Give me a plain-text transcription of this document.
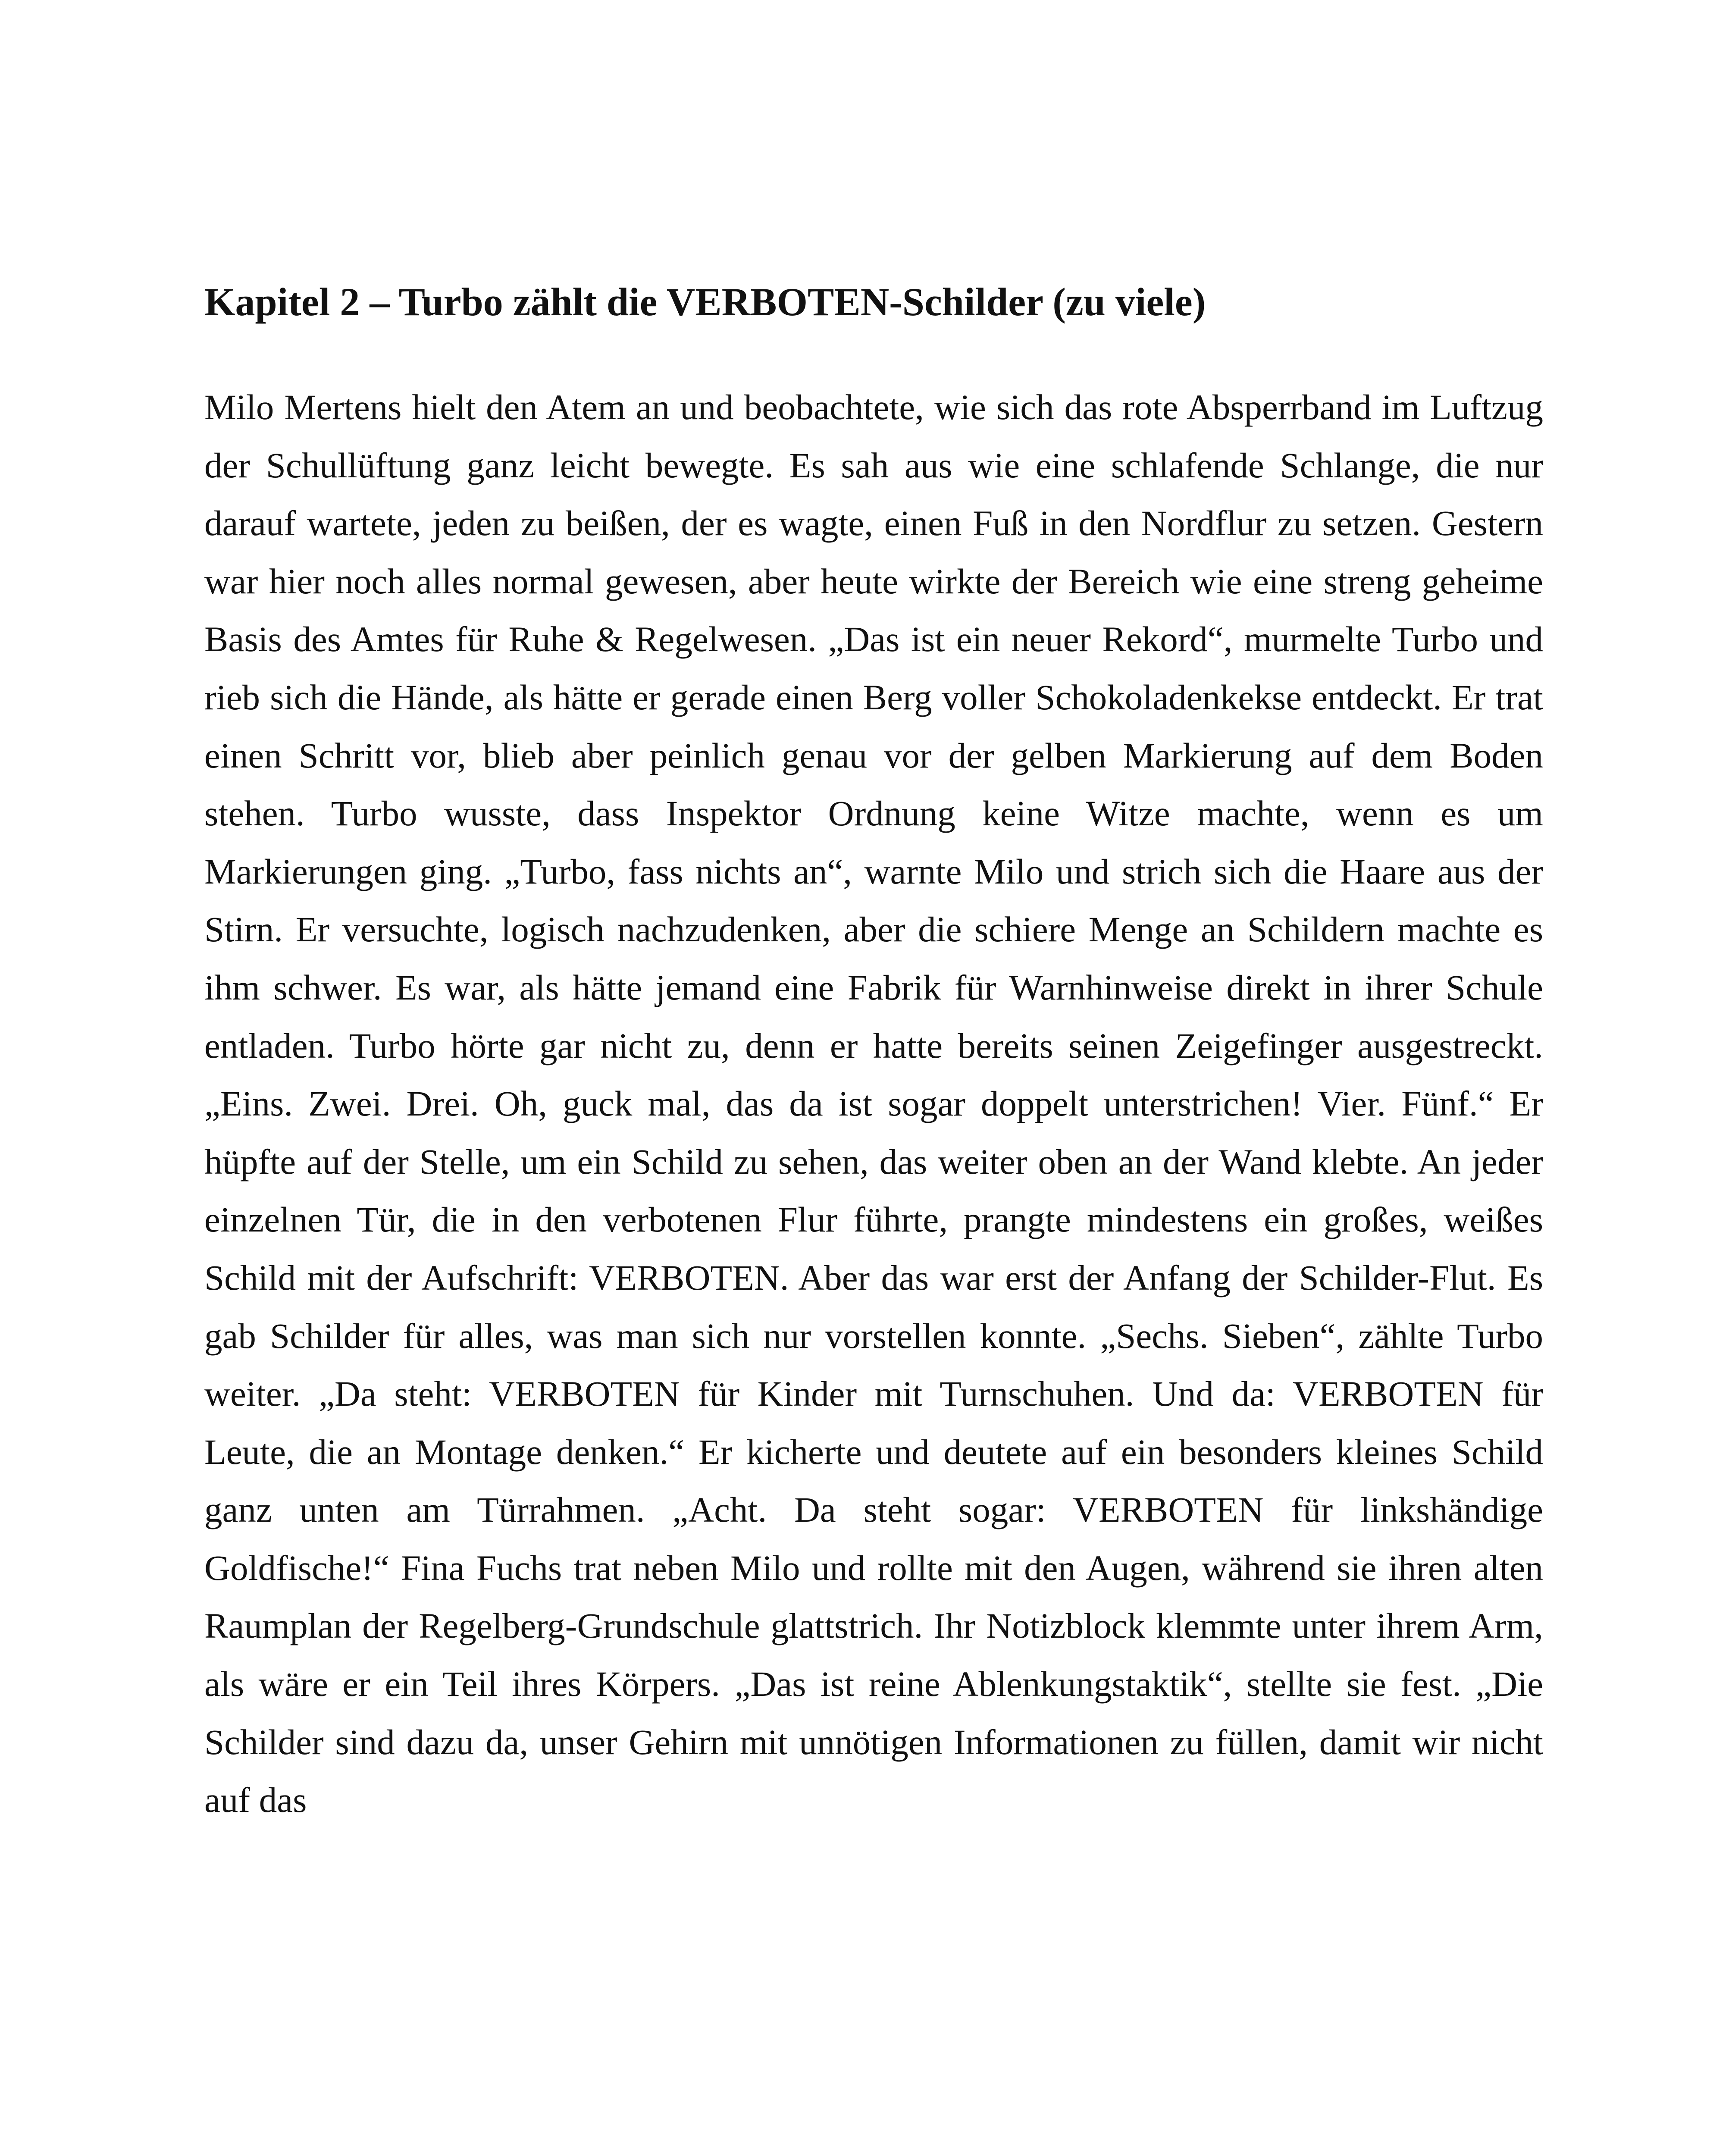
Kapitel 2 – Turbo zählt die VERBOTEN-Schilder (zu viele)

Milo Mertens hielt den Atem an und beobachtete, wie sich das rote Absperrband im Luftzug der Schullüftung ganz leicht bewegte. Es sah aus wie eine schlafende Schlange, die nur darauf wartete, jeden zu beißen, der es wagte, einen Fuß in den Nordflur zu setzen. Gestern war hier noch alles normal gewesen, aber heute wirkte der Bereich wie eine streng geheime Basis des Amtes für Ruhe & Regelwesen. „Das ist ein neuer Rekord“, murmelte Turbo und rieb sich die Hände, als hätte er gerade einen Berg voller Schokoladenkekse entdeckt. Er trat einen Schritt vor, blieb aber peinlich genau vor der gelben Markierung auf dem Boden stehen. Turbo wusste, dass Inspektor Ordnung keine Witze machte, wenn es um Markierungen ging. „Turbo, fass nichts an“, warnte Milo und strich sich die Haare aus der Stirn. Er versuchte, logisch nachzudenken, aber die schiere Menge an Schildern machte es ihm schwer. Es war, als hätte jemand eine Fabrik für Warnhinweise direkt in ihrer Schule entladen. Turbo hörte gar nicht zu, denn er hatte bereits seinen Zeigefinger ausgestreckt. „Eins. Zwei. Drei. Oh, guck mal, das da ist sogar doppelt unterstrichen! Vier. Fünf.“ Er hüpfte auf der Stelle, um ein Schild zu sehen, das weiter oben an der Wand klebte. An jeder einzelnen Tür, die in den verbotenen Flur führte, prangte mindestens ein großes, weißes Schild mit der Aufschrift: VERBOTEN. Aber das war erst der Anfang der Schilder-Flut. Es gab Schilder für alles, was man sich nur vorstellen konnte. „Sechs. Sieben“, zählte Turbo weiter. „Da steht: VERBOTEN für Kinder mit Turnschuhen. Und da: VERBOTEN für Leute, die an Montage denken.“ Er kicherte und deutete auf ein besonders kleines Schild ganz unten am Türrahmen. „Acht. Da steht sogar: VERBOTEN für linkshändige Goldfische!“ Fina Fuchs trat neben Milo und rollte mit den Augen, während sie ihren alten Raumplan der Regelberg-Grundschule glattstrich. Ihr Notizblock klemmte unter ihrem Arm, als wäre er ein Teil ihres Körpers. „Das ist reine Ablenkungstaktik“, stellte sie fest. „Die Schilder sind dazu da, unser Gehirn mit unnötigen Informationen zu füllen, damit wir nicht auf das
